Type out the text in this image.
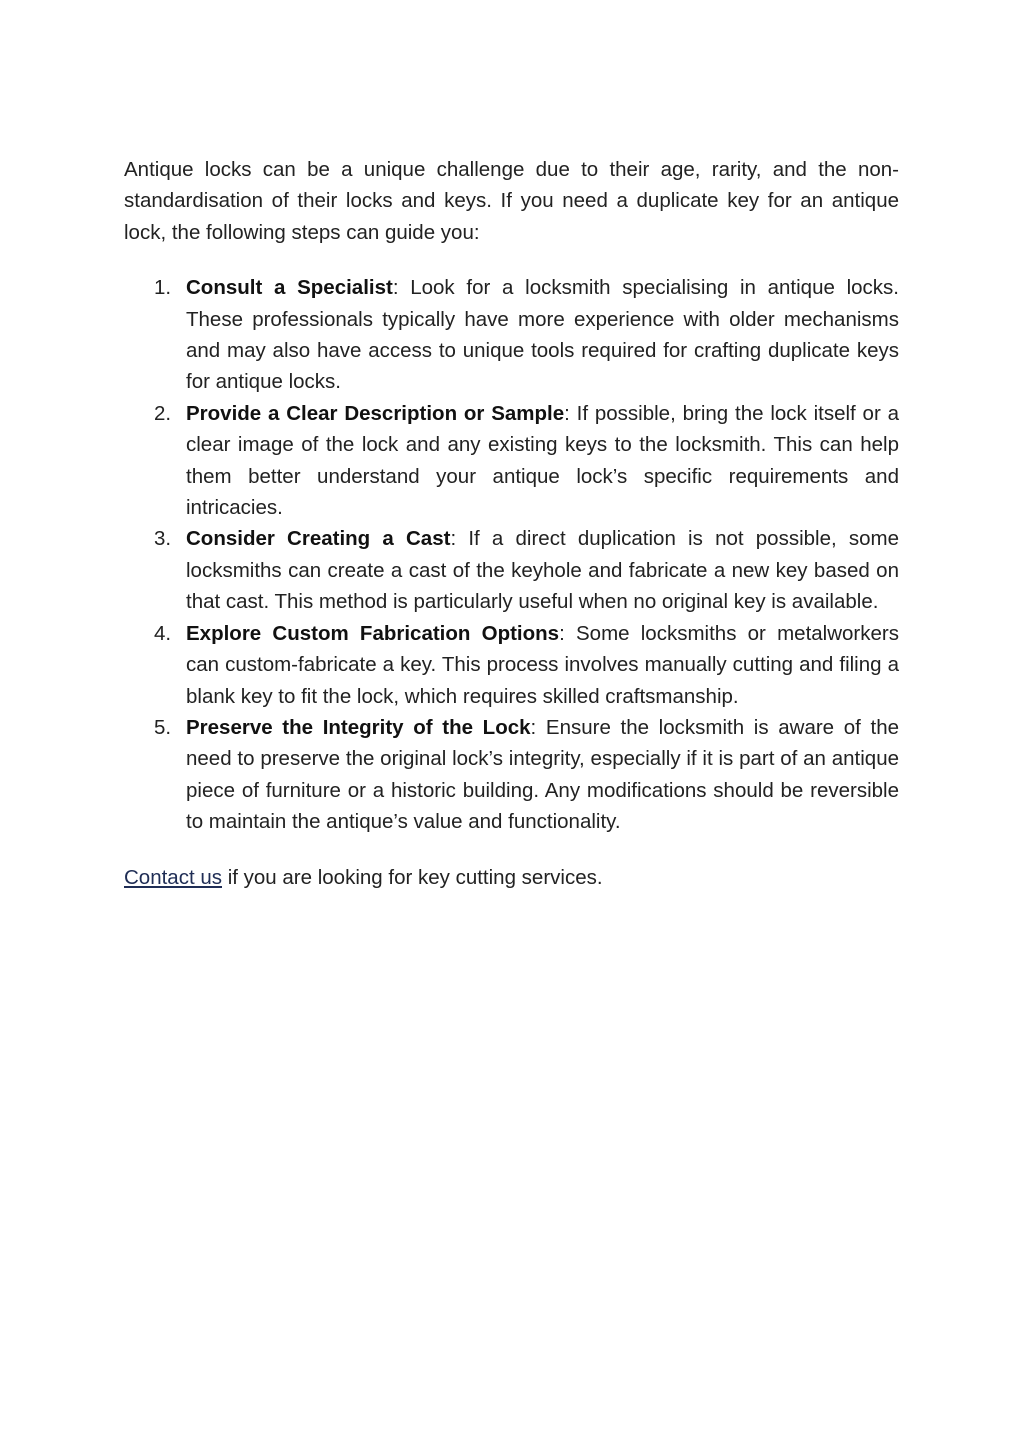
Antique locks can be a unique challenge due to their age, rarity, and the non-standardisation of their locks and keys. If you need a duplicate key for an antique lock, the following steps can guide you:

1. Consult a Specialist: Look for a locksmith specialising in antique locks. These professionals typically have more experience with older mechanisms and may also have access to unique tools required for crafting duplicate keys for antique locks.
2. Provide a Clear Description or Sample: If possible, bring the lock itself or a clear image of the lock and any existing keys to the locksmith. This can help them better understand your antique lock’s specific requirements and intricacies.
3. Consider Creating a Cast: If a direct duplication is not possible, some locksmiths can create a cast of the keyhole and fabricate a new key based on that cast. This method is particularly useful when no original key is available.
4. Explore Custom Fabrication Options: Some locksmiths or metalworkers can custom-fabricate a key. This process involves manually cutting and filing a blank key to fit the lock, which requires skilled craftsmanship.
5. Preserve the Integrity of the Lock: Ensure the locksmith is aware of the need to preserve the original lock’s integrity, especially if it is part of an antique piece of furniture or a historic building. Any modifications should be reversible to maintain the antique’s value and functionality.

Contact us if you are looking for key cutting services.
